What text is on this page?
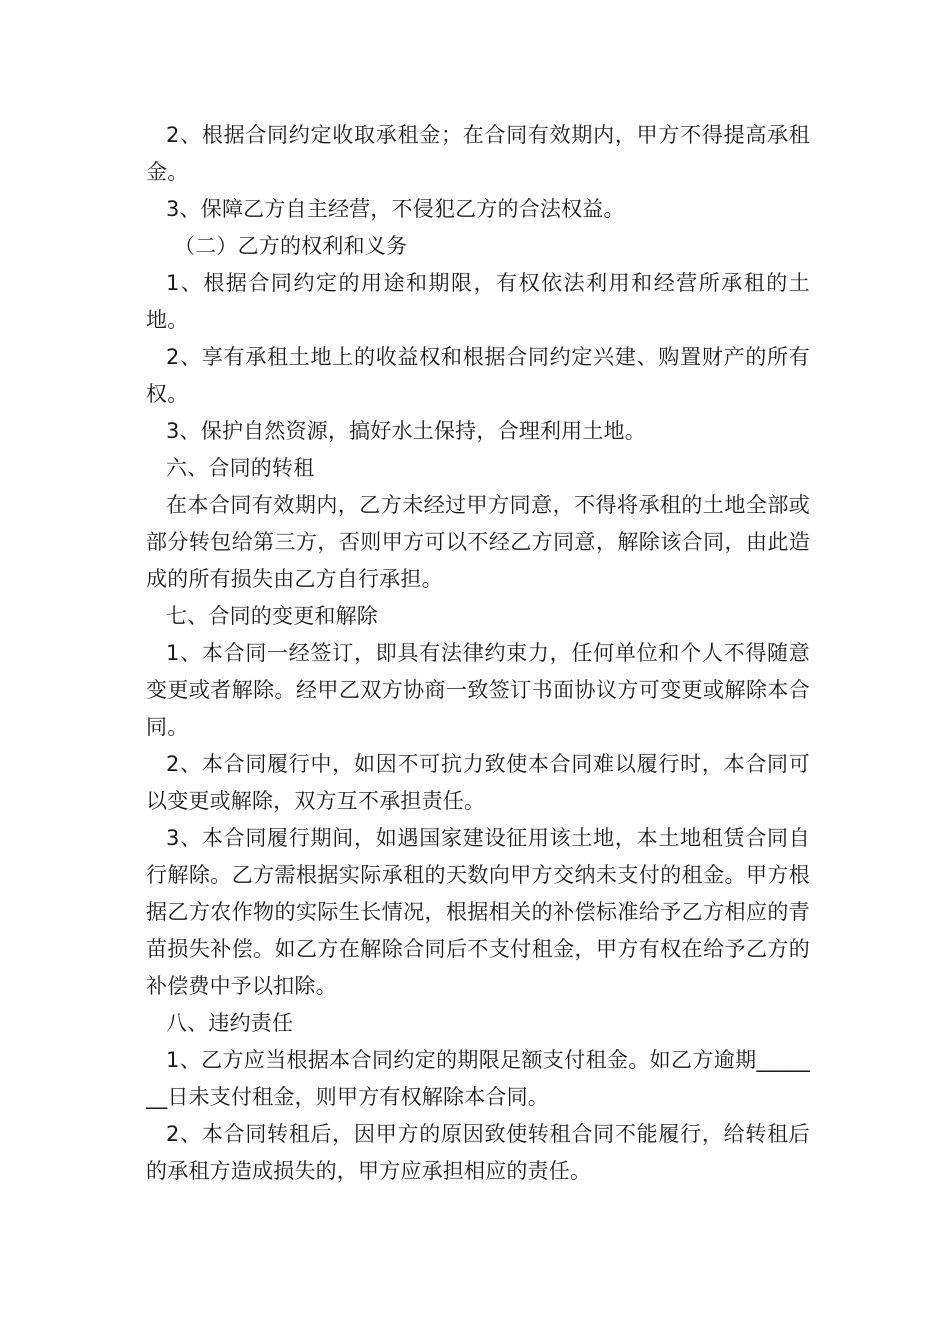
2、根据合同约定收取承租金；在合同有效期内，甲方不得提高承租金。

3、保障乙方自主经营，不侵犯乙方的合法权益。

（二）乙方的权利和义务

1、根据合同约定的用途和期限，有权依法利用和经营所承租的土地。

2、享有承租土地上的收益权和根据合同约定兴建、购置财产的所有权。

3、保护自然资源，搞好水土保持，合理利用土地。

六、合同的转租

在本合同有效期内，乙方未经过甲方同意，不得将承租的土地全部或部分转包给第三方，否则甲方可以不经乙方同意，解除该合同，由此造成的所有损失由乙方自行承担。

七、合同的变更和解除

1、本合同一经签订，即具有法律约束力，任何单位和个人不得随意变更或者解除。经甲乙双方协商一致签订书面协议方可变更或解除本合同。

2、本合同履行中，如因不可抗力致使本合同难以履行时，本合同可以变更或解除，双方互不承担责任。

3、本合同履行期间，如遇国家建设征用该土地，本土地租赁合同自行解除。乙方需根据实际承租的天数向甲方交纳未支付的租金。甲方根据乙方农作物的实际生长情况，根据相关的补偿标准给予乙方相应的青苗损失补偿。如乙方在解除合同后不支付租金，甲方有权在给予乙方的补偿费中予以扣除。

八、违约责任

1、乙方应当根据本合同约定的期限足额支付租金。如乙方逾期_______日未支付租金，则甲方有权解除本合同。

2、本合同转租后，因甲方的原因致使转租合同不能履行，给转租后的承租方造成损失的，甲方应承担相应的责任。
